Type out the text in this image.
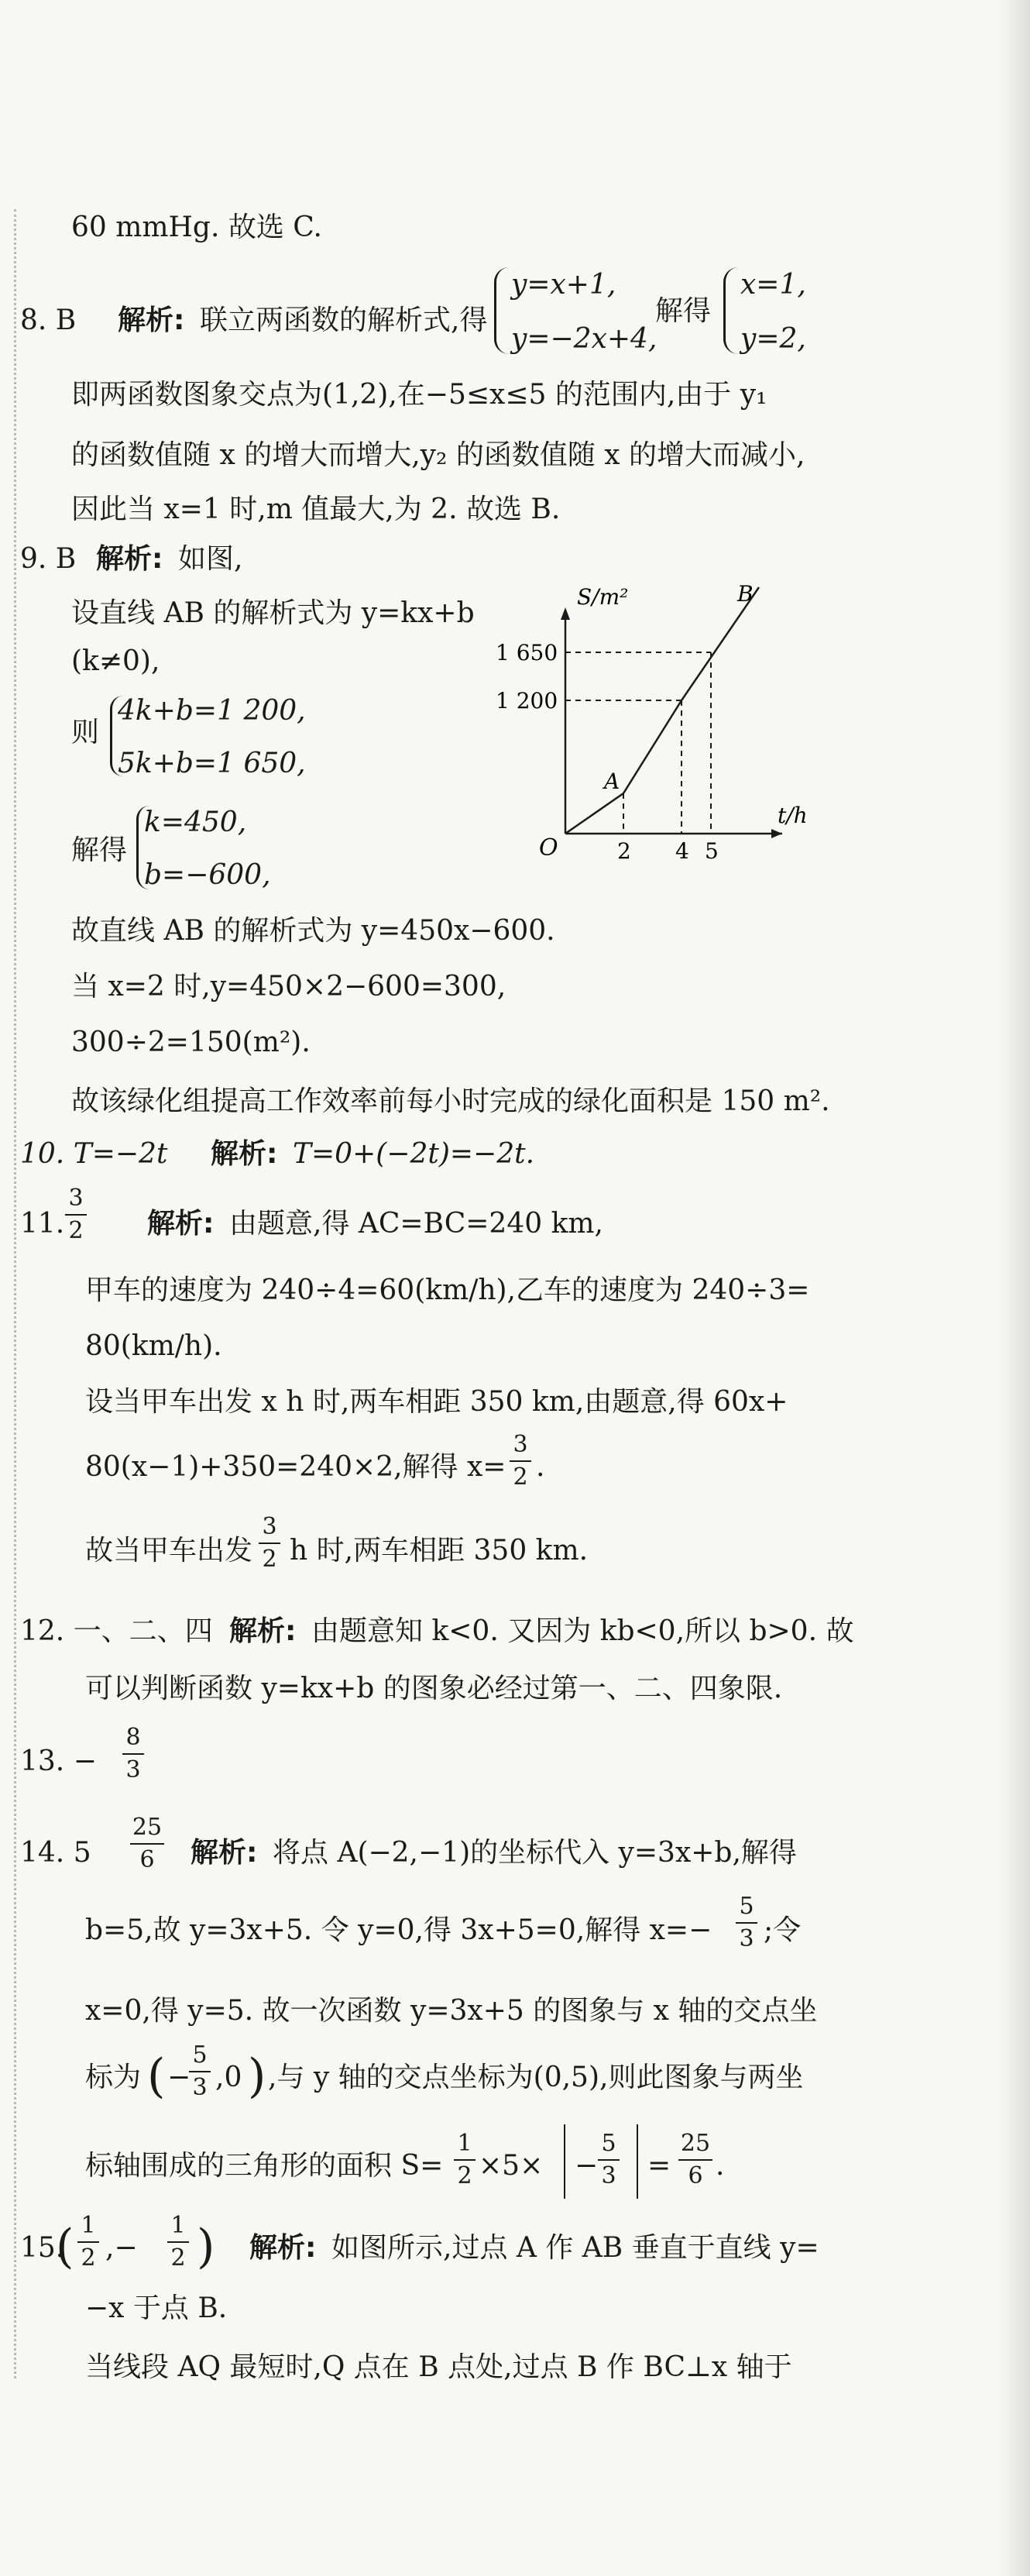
60 mmHg. 故选 C.
8. B 解析: 联立两函数的解析式,得
y=x+1,
y=−2x+4,
解得
x=1,
y=2,
即两函数图象交点为(1,2),在−5≤x≤5 的范围内,由于 y₁
的函数值随 x 的增大而增大,y₂ 的函数值随 x 的增大而减小,
因此当 x=1 时,m 值最大,为 2. 故选 B.
9. B 解析: 如图,
设直线 AB 的解析式为 y=kx+b
(k≠0),
则
4k+b=1 200,
5k+b=1 650,
解得
k=450,
b=−600,
故直线 AB 的解析式为 y=450x−600.
当 x=2 时,y=450×2−600=300,
300÷2=150(m²).
故该绿化组提高工作效率前每小时完成的绿化面积是 150 m².
S/m²
t/h
O
A
B
1 650
1 200
2 4 5
10. T=−2t 解析: T=0+(−2t)=−2t.
11.
3
2 解析: 由题意,得 AC=BC=240 km,
甲车的速度为 240÷4=60(km/h),乙车的速度为 240÷3=
80(km/h).
设当甲车出发 x h 时,两车相距 350 km,由题意,得 60x+
80(x−1)+350=240×2,解得 x=
3
2 .
故当甲车出发
3
2 h 时,两车相距 350 km.
12. 一、二、四 解析: 由题意知 k<0. 又因为 kb<0,所以 b>0. 故
可以判断函数 y=kx+b 的图象必经过第一、二、四象限.
13. −
8
3
14. 5
25
6 解析: 将点 A(−2,−1)的坐标代入 y=3x+b,解得
b=5,故 y=3x+5. 令 y=0,得 3x+5=0,解得 x=−
5
3 ;令
x=0,得 y=5. 故一次函数 y=3x+5 的图象与 x 轴的交点坐
标为 ( −
5
3 ,0 ) ,与 y 轴的交点坐标为(0,5),则此图象与两坐
标轴围成的三角形的面积 S=
1
2 ×5× −
5
3 =
25
6 .
15.
( 1
2 ,−
1
2 ) 解析: 如图所示,过点 A 作 AB 垂直于直线 y=
−x 于点 B.
当线段 AQ 最短时,Q 点在 B 点处,过点 B 作 BC⊥x 轴于
